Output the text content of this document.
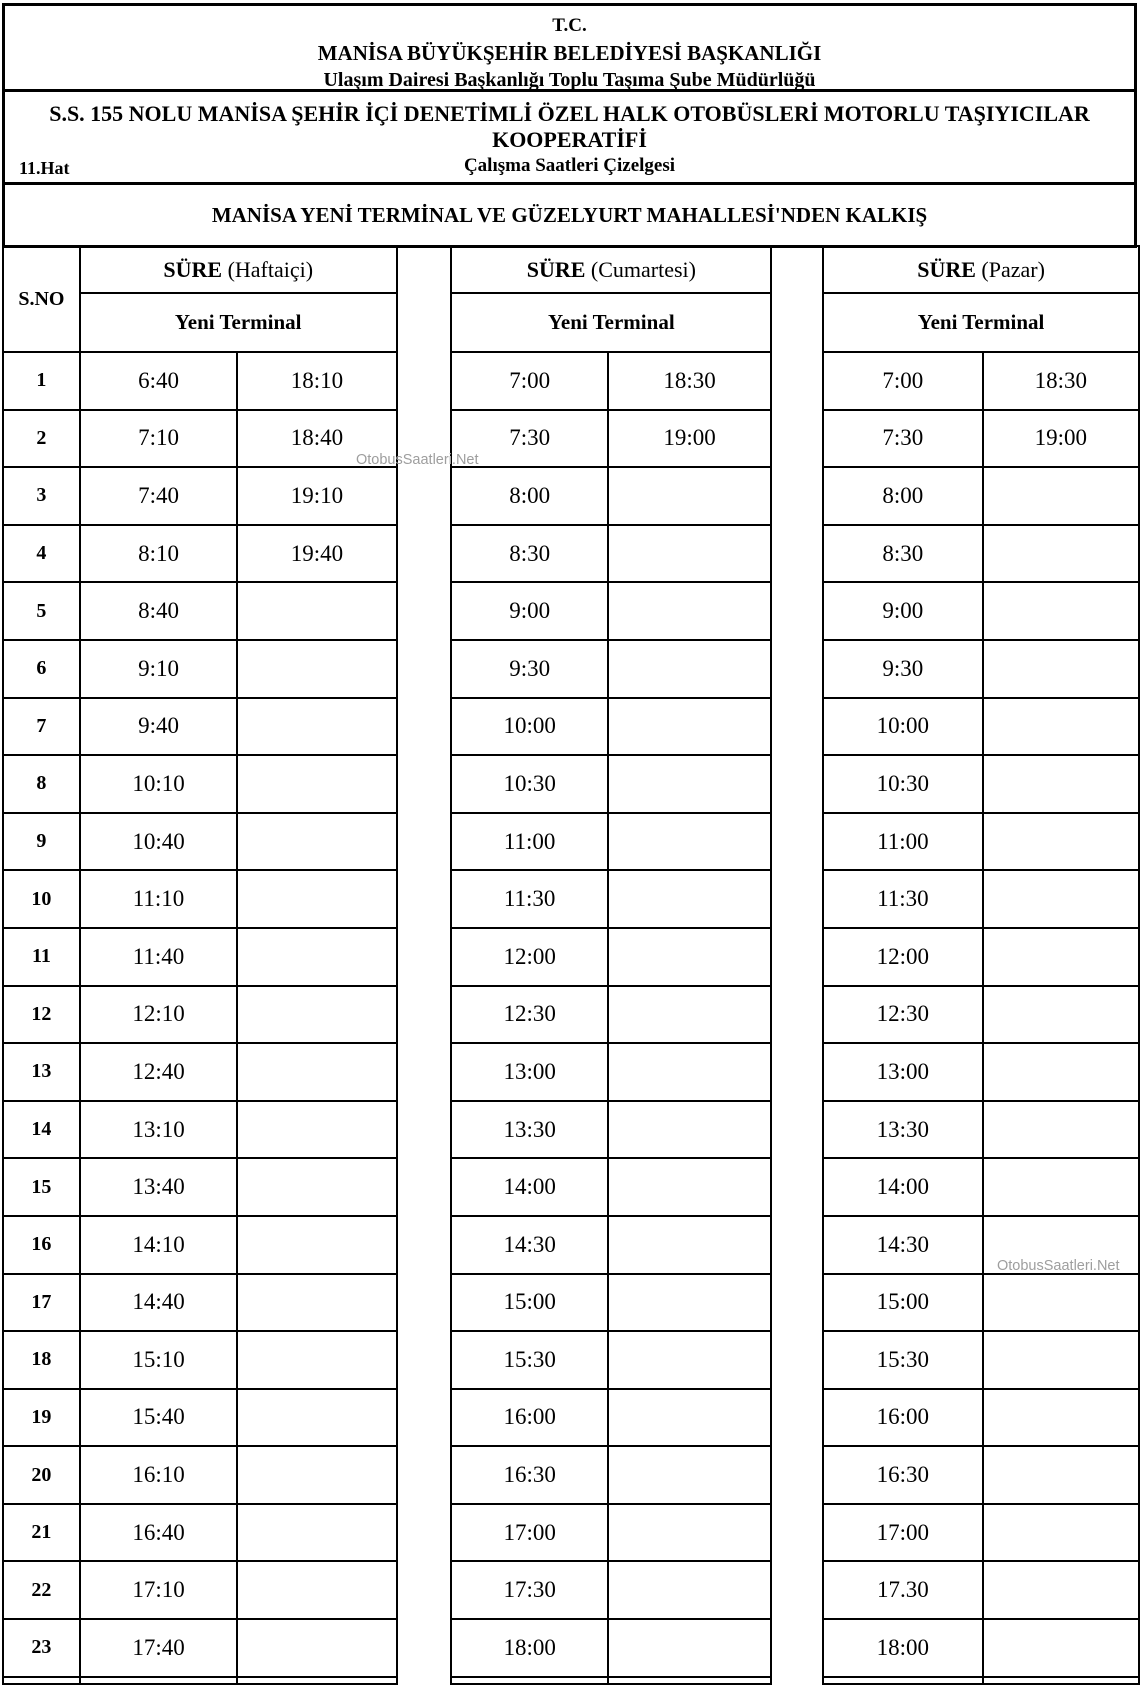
T.C.
MANİSA BÜYÜKŞEHİR BELEDİYESİ BAŞKANLIĞI
Ulaşım Dairesi Başkanlığı Toplu Taşıma Şube Müdürlüğü
S.S. 155 NOLU MANİSA ŞEHİR İÇİ DENETİMLİ ÖZEL HALK OTOBÜSLERİ MOTORLU TAŞIYICILAR
KOOPERATİFİ
Çalışma Saatleri Çizelgesi
11.Hat
MANİSA YENİ TERMİNAL VE GÜZELYURT MAHALLESİ'NDEN KALKIŞ
S.NO	SÜRE (Haftaiçi)	
	Yeni Terminal	
1	6:40	18:10
2	7:10	18:40
3	7:40	19:10
4	8:10	19:40
5	8:40	
6	9:10	
7	9:40	
8	10:10	
9	10:40	
10	11:10	
11	11:40	
12	12:10	
13	12:40	
14	13:10	
15	13:40	
16	14:10	
17	14:40	
18	15:10	
19	15:40	
20	16:10	
21	16:40	
22	17:10	
23	17:40	

SÜRE (Cumartesi)	
Yeni Terminal	
7:00	18:30
7:30	19:00
8:00	
8:30	
9:00	
9:30	
10:00	
10:30	
11:00	
11:30	
12:00	
12:30	
13:00	
13:30	
14:00	
14:30	
15:00	
15:30	
16:00	
16:30	
17:00	
17:30	
18:00	

SÜRE (Pazar)	
Yeni Terminal	
7:00	18:30
7:30	19:00
8:00	
8:30	
9:00	
9:30	
10:00	
10:30	
11:00	
11:30	
12:00	
12:30	
13:00	
13:30	
14:00	
14:30	
15:00	
15:30	
16:00	
16:30	
17:00	
17.30	
18:00	

OtobusSaatleri.Net
OtobusSaatleri.Net
